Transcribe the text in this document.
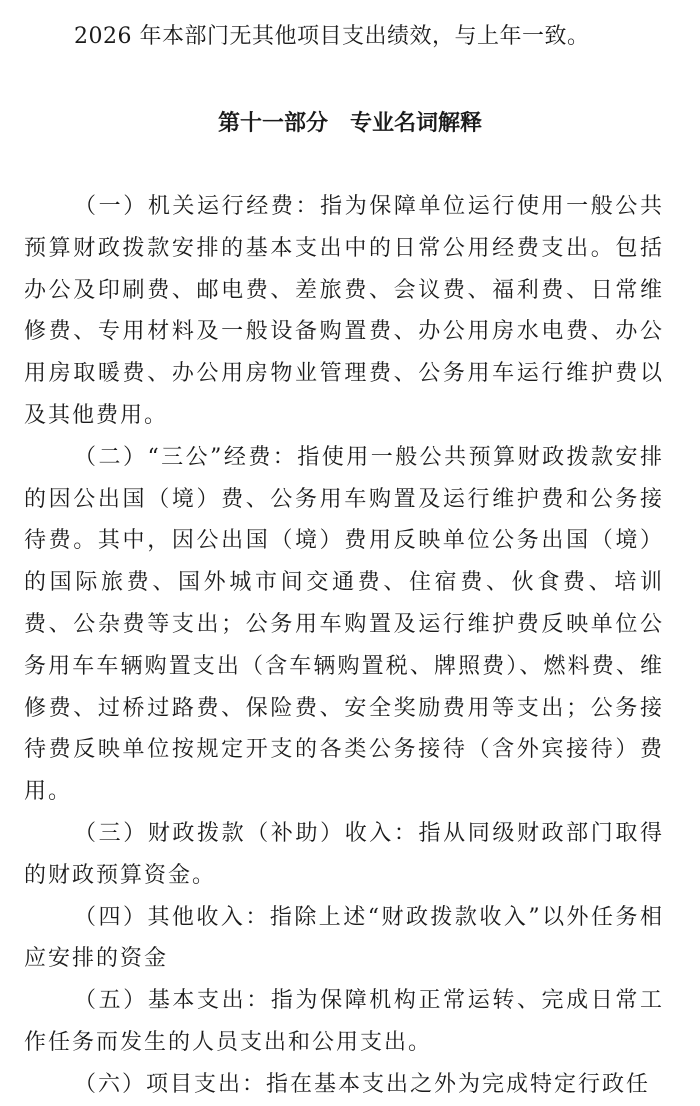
2026 年本部门无其他项目支出绩效，与上年一致。
第十一部分　专业名词解释

（一）机关运行经费：指为保障单位运行使用一般公共预算财政拨款安排的基本支出中的日常公用经费支出。包括办公及印刷费、邮电费、差旅费、会议费、福利费、日常维修费、专用材料及一般设备购置费、办公用房水电费、办公用房取暖费、办公用房物业管理费、公务用车运行维护费以及其他费用。

（二）“三公”经费：指使用一般公共预算财政拨款安排的因公出国（境）费、公务用车购置及运行维护费和公务接待费。其中，因公出国（境）费用反映单位公务出国（境）的国际旅费、国外城市间交通费、住宿费、伙食费、培训费、公杂费等支出；公务用车购置及运行维护费反映单位公务用车车辆购置支出（含车辆购置税、牌照费）、燃料费、维修费、过桥过路费、保险费、安全奖励费用等支出；公务接待费反映单位按规定开支的各类公务接待（含外宾接待）费用。

（三）财政拨款（补助）收入：指从同级财政部门取得的财政预算资金。

（四）其他收入：指除上述“财政拨款收入”以外任务相应安排的资金

（五）基本支出：指为保障机构正常运转、完成日常工作任务而发生的人员支出和公用支出。

（六）项目支出：指在基本支出之外为完成特定行政任
